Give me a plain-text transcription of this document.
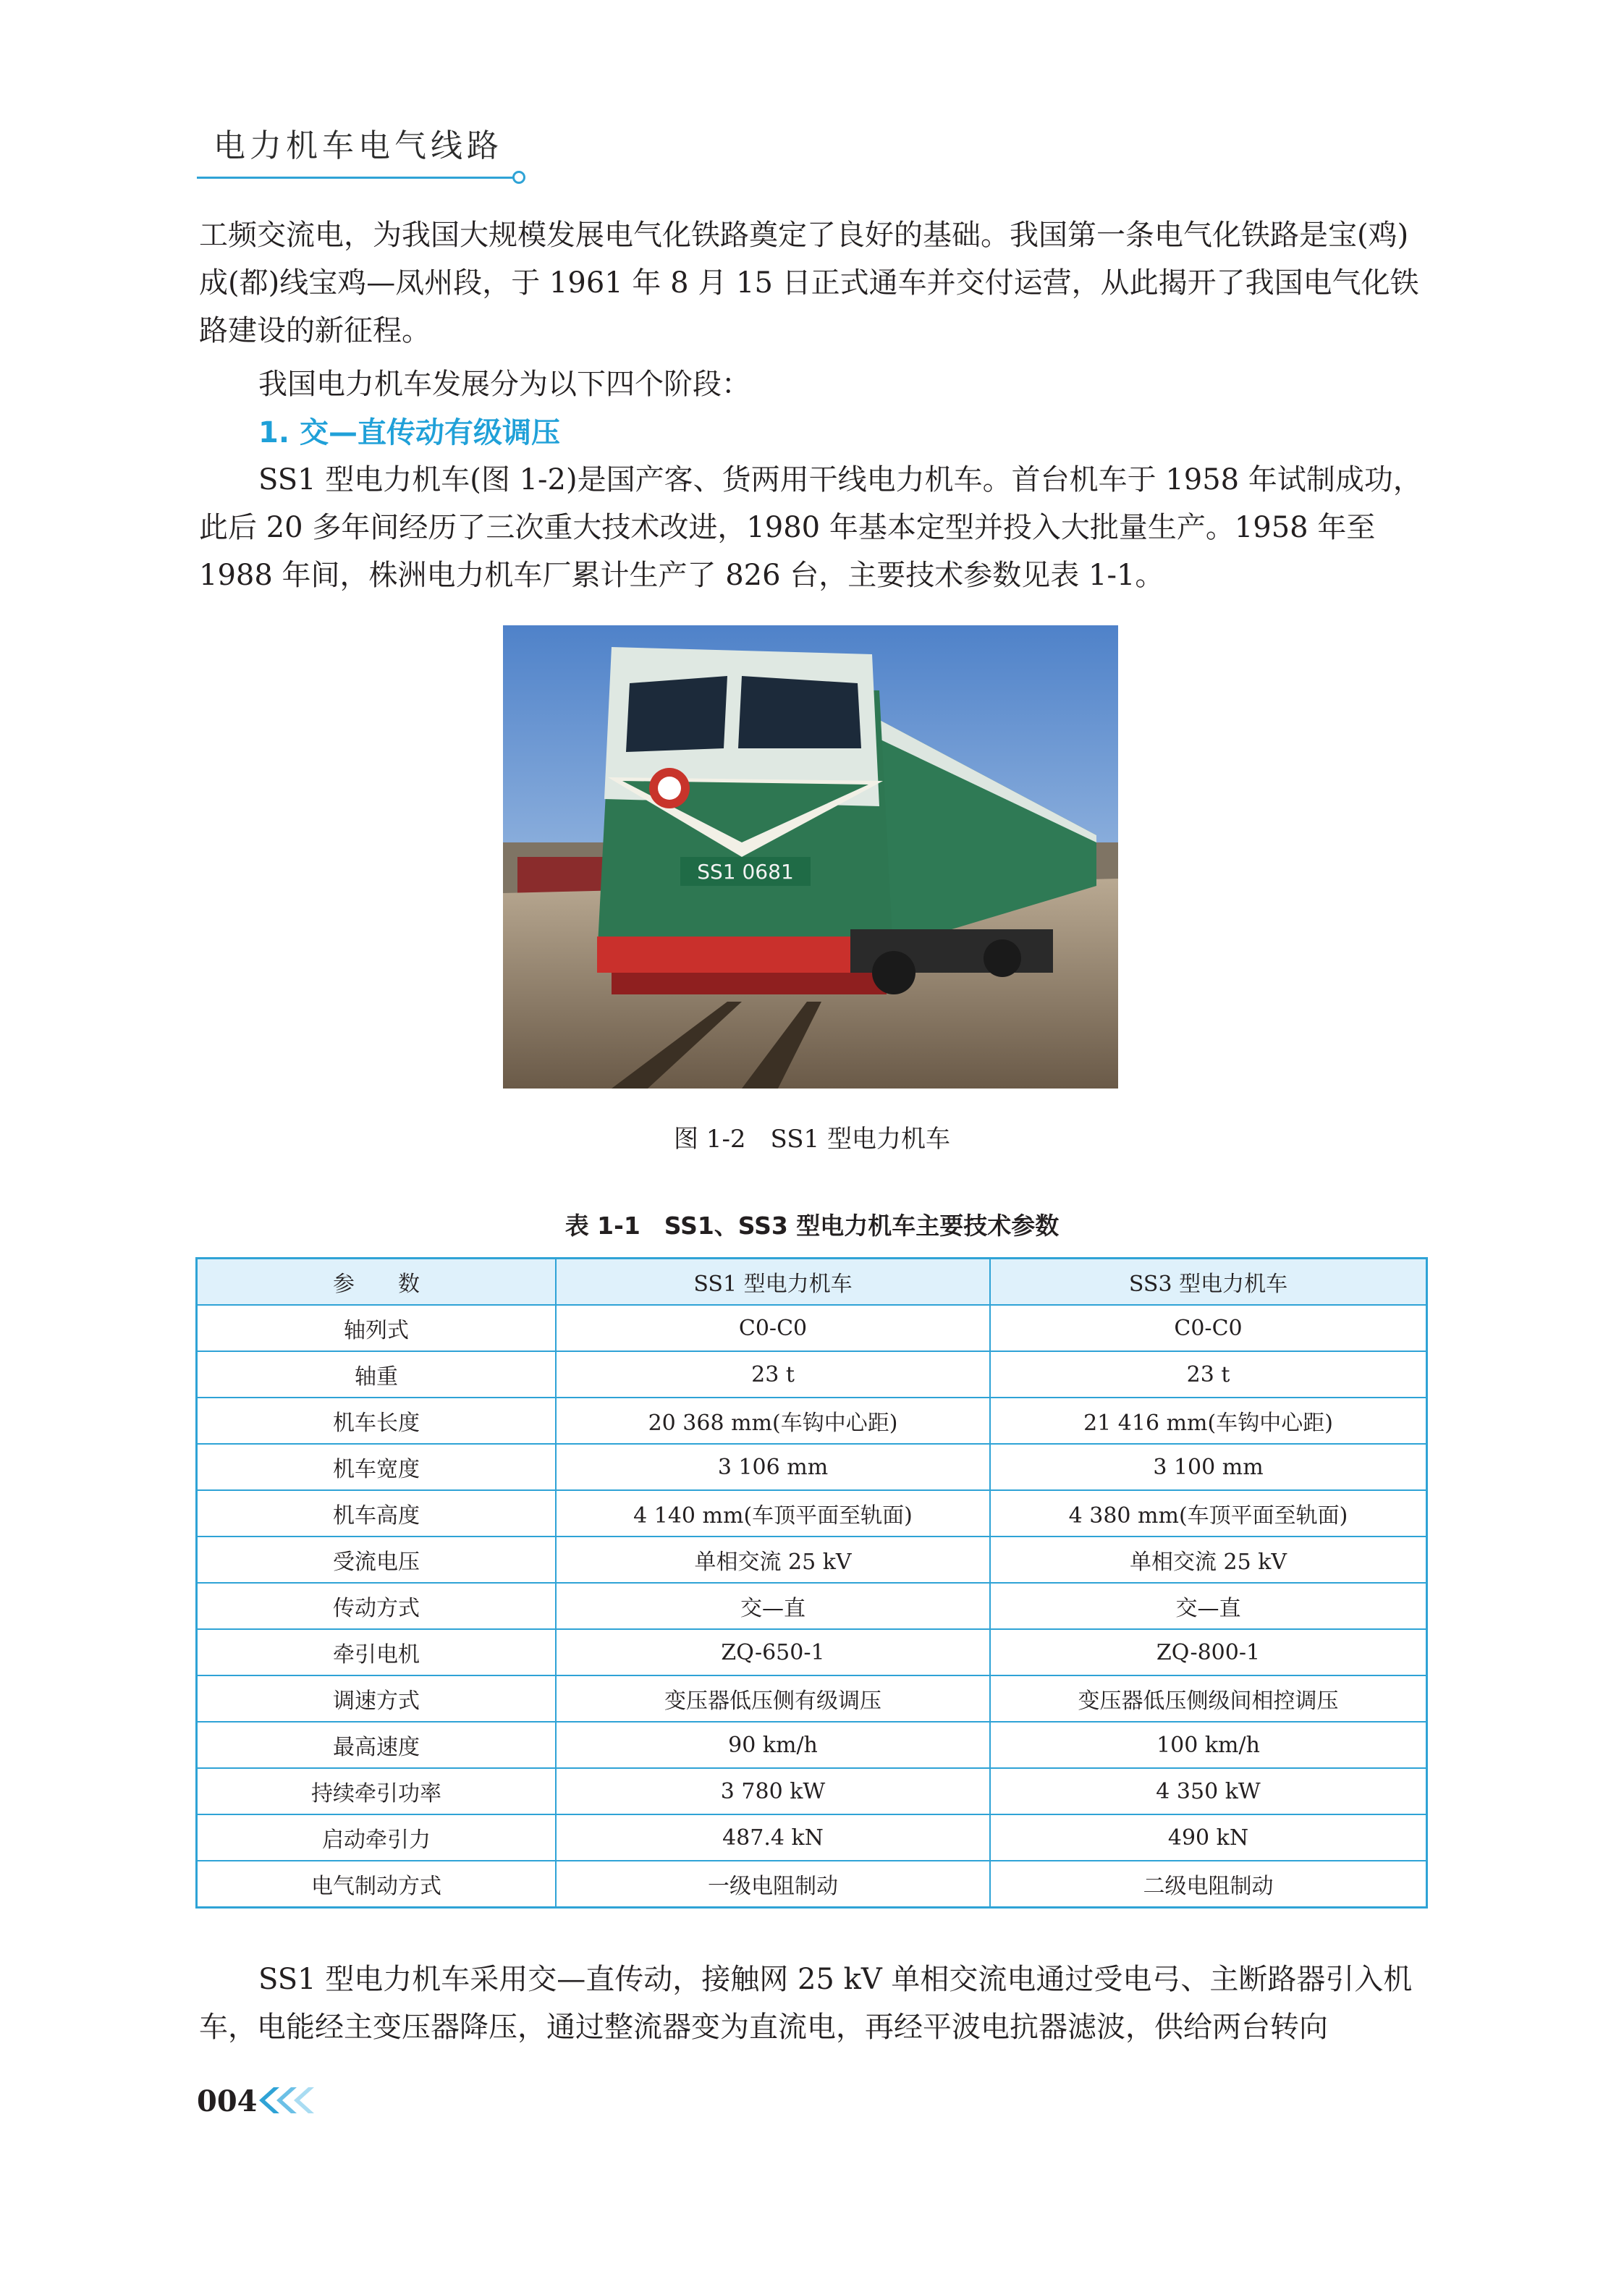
电力机车电气线路

工频交流电，为我国大规模发展电气化铁路奠定了良好的基础。我国第一条电气化铁路是宝(鸡)成(都)线宝鸡—凤州段，于 1961 年 8 月 15 日正式通车并交付运营，从此揭开了我国电气化铁路建设的新征程。

我国电力机车发展分为以下四个阶段：

1. 交—直传动有级调压

SS1 型电力机车(图 1-2)是国产客、货两用干线电力机车。首台机车于 1958 年试制成功，此后 20 多年间经历了三次重大技术改进，1980 年基本定型并投入大批量生产。1958 年至 1988 年间，株洲电力机车厂累计生产了 826 台，主要技术参数见表 1-1。

SS1 0681
图 1-2　SS1 型电力机车
表 1-1　SS1、SS3 型电力机车主要技术参数
参　　数	SS1 型电力机车	SS3 型电力机车
轴列式	C0-C0	C0-C0
轴重	23 t	23 t
机车长度	20 368 mm(车钩中心距)	21 416 mm(车钩中心距)
机车宽度	3 106 mm	3 100 mm
机车高度	4 140 mm(车顶平面至轨面)	4 380 mm(车顶平面至轨面)
受流电压	单相交流 25 kV	单相交流 25 kV
传动方式	交—直	交—直
牵引电机	ZQ-650-1	ZQ-800-1
调速方式	变压器低压侧有级调压	变压器低压侧级间相控调压
最高速度	90 km/h	100 km/h
持续牵引功率	3 780 kW	4 350 kW
启动牵引力	487.4 kN	490 kN
电气制动方式	一级电阻制动	二级电阻制动

SS1 型电力机车采用交—直传动，接触网 25 kV 单相交流电通过受电弓、主断路器引入机车，电能经主变压器降压，通过整流器变为直流电，再经平波电抗器滤波，供给两台转向

004
